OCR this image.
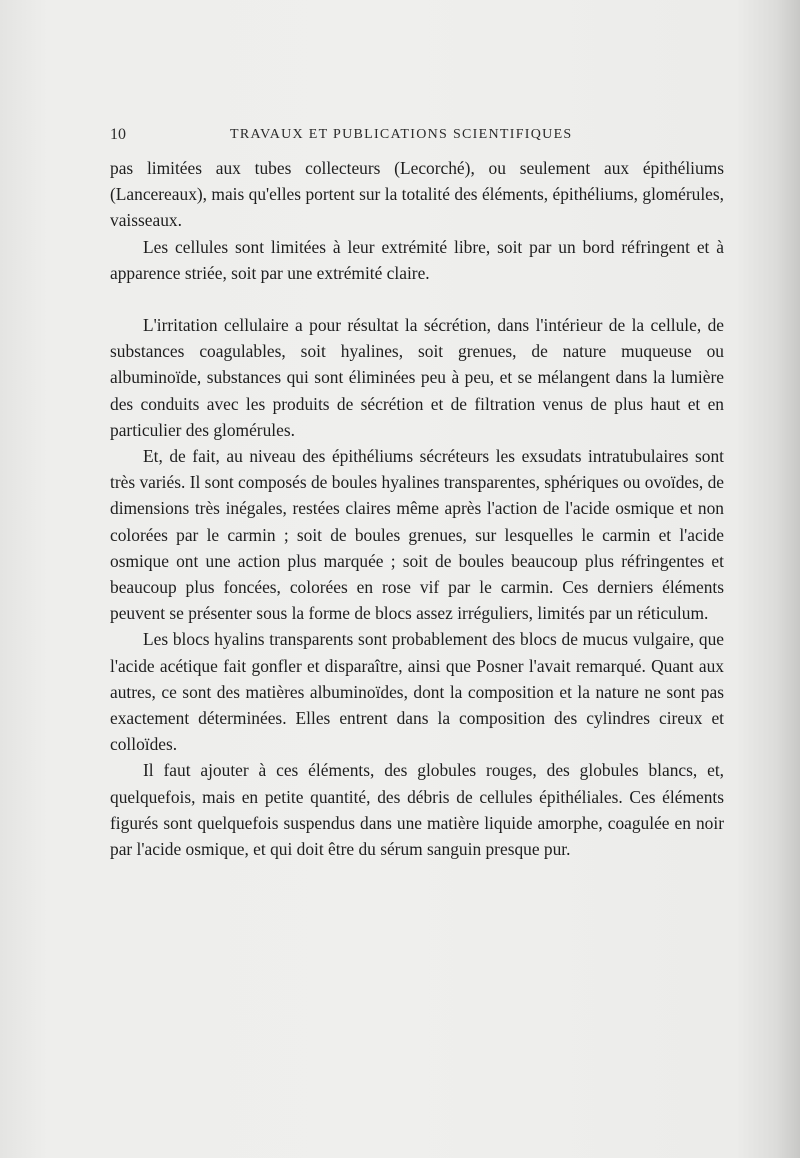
10	TRAVAUX ET PUBLICATIONS SCIENTIFIQUES

pas limitées aux tubes collecteurs (Lecorché), ou seulement aux épithéliums (Lancereaux), mais qu'elles portent sur la totalité des éléments, épithéliums, glomérules, vaisseaux.

Les cellules sont limitées à leur extrémité libre, soit par un bord réfringent et à apparence striée, soit par une extrémité claire.

L'irritation cellulaire a pour résultat la sécrétion, dans l'intérieur de la cellule, de substances coagulables, soit hyalines, soit grenues, de nature muqueuse ou albuminoïde, substances qui sont éliminées peu à peu, et se mélangent dans la lumière des conduits avec les produits de sécrétion et de filtration venus de plus haut et en particulier des glomérules.

Et, de fait, au niveau des épithéliums sécréteurs les exsudats intratubulaires sont très variés. Il sont composés de boules hyalines transparentes, sphériques ou ovoïdes, de dimensions très inégales, restées claires même après l'action de l'acide osmique et non colorées par le carmin ; soit de boules grenues, sur lesquelles le carmin et l'acide osmique ont une action plus marquée ; soit de boules beaucoup plus réfringentes et beaucoup plus foncées, colorées en rose vif par le carmin. Ces derniers éléments peuvent se présenter sous la forme de blocs assez irréguliers, limités par un réticulum.

Les blocs hyalins transparents sont probablement des blocs de mucus vulgaire, que l'acide acétique fait gonfler et disparaître, ainsi que Posner l'avait remarqué. Quant aux autres, ce sont des matières albuminoïdes, dont la composition et la nature ne sont pas exactement déterminées. Elles entrent dans la composition des cylindres cireux et colloïdes.

Il faut ajouter à ces éléments, des globules rouges, des globules blancs, et, quelquefois, mais en petite quantité, des débris de cellules épithéliales. Ces éléments figurés sont quelquefois suspendus dans une matière liquide amorphe, coagulée en noir par l'acide osmique, et qui doit être du sérum sanguin presque pur.
